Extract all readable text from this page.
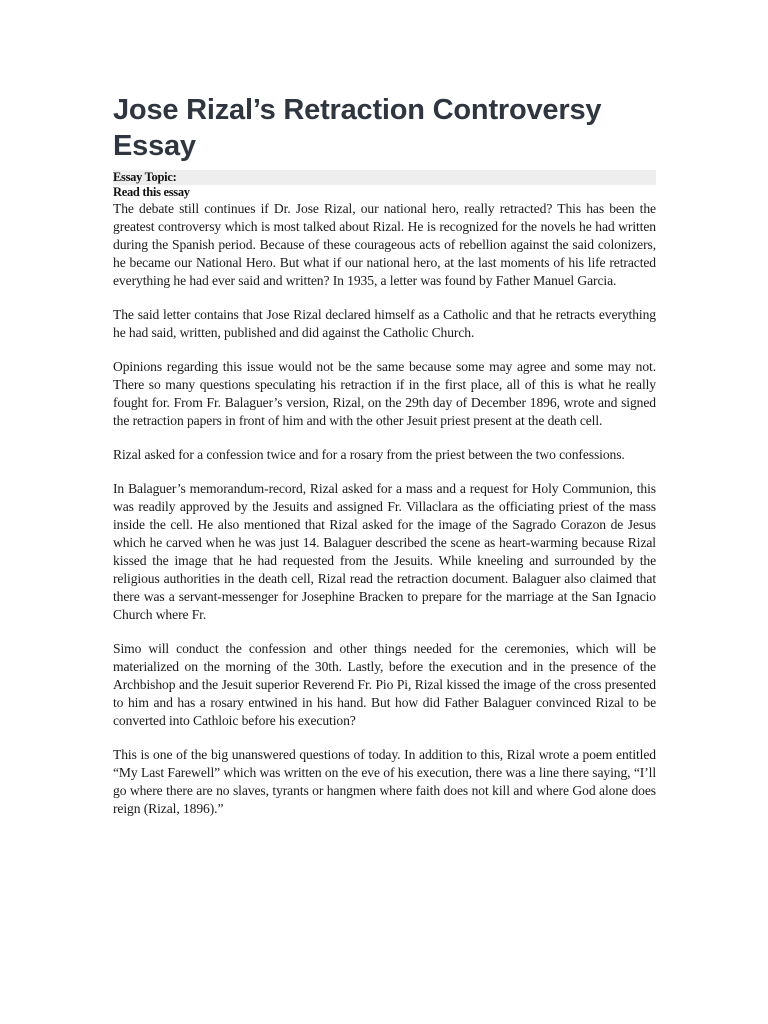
Jose Rizal’s Retraction Controversy Essay
Essay Topic:
Read this essay

The debate still continues if Dr. Jose Rizal, our national hero, really retracted? This has been the greatest controversy which is most talked about Rizal. He is recognized for the novels he had written during the Spanish period. Because of these courageous acts of rebellion against the said colonizers, he became our National Hero. But what if our national hero, at the last moments of his life retracted everything he had ever said and written? In 1935, a letter was found by Father Manuel Garcia.

The said letter contains that Jose Rizal declared himself as a Catholic and that he retracts everything he had said, written, published and did against the Catholic Church.

Opinions regarding this issue would not be the same because some may agree and some may not. There so many questions speculating his retraction if in the first place, all of this is what he really fought for. From Fr. Balaguer’s version, Rizal, on the 29th day of December 1896, wrote and signed the retraction papers in front of him and with the other Jesuit priest present at the death cell.

Rizal asked for a confession twice and for a rosary from the priest between the two confessions.

In Balaguer’s memorandum-record, Rizal asked for a mass and a request for Holy Communion, this was readily approved by the Jesuits and assigned Fr. Villaclara as the officiating priest of the mass inside the cell. He also mentioned that Rizal asked for the image of the Sagrado Corazon de Jesus which he carved when he was just 14. Balaguer described the scene as heart-warming because Rizal kissed the image that he had requested from the Jesuits. While kneeling and surrounded by the religious authorities in the death cell, Rizal read the retraction document. Balaguer also claimed that there was a servant-messenger for Josephine Bracken to prepare for the marriage at the San Ignacio Church where Fr.

Simo will conduct the confession and other things needed for the ceremonies, which will be materialized on the morning of the 30th. Lastly, before the execution and in the presence of the Archbishop and the Jesuit superior Reverend Fr. Pio Pi, Rizal kissed the image of the cross presented to him and has a rosary entwined in his hand. But how did Father Balaguer convinced Rizal to be converted into Cathloic before his execution?

This is one of the big unanswered questions of today. In addition to this, Rizal wrote a poem entitled “My Last Farewell” which was written on the eve of his execution, there was a line there saying, “I’ll go where there are no slaves, tyrants or hangmen where faith does not kill and where God alone does reign (Rizal, 1896).”
